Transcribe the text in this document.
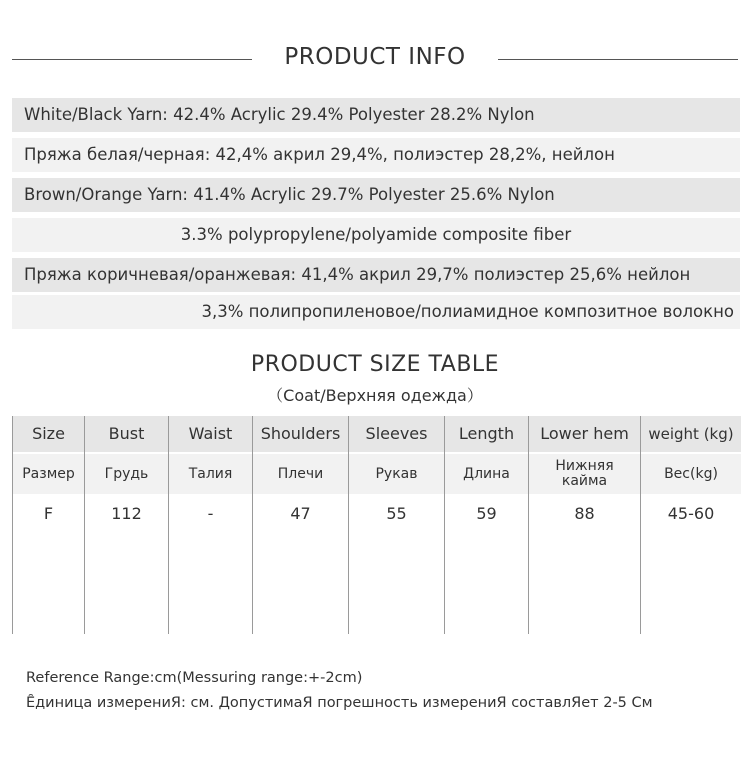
PRODUCT INFO
White/Black Yarn: 42.4% Acrylic 29.4% Polyester 28.2% Nylon
Пряжа белая/черная: 42,4% акрил 29,4%, полиэстер 28,2%, нейлон
Brown/Orange Yarn: 41.4% Acrylic 29.7% Polyester 25.6% Nylon
3.3% polypropylene/polyamide composite fiber
Пряжа коричневая/оранжевая: 41,4% акрил 29,7% полиэстер 25,6% нейлон
3,3% полипропиленовое/полиамидное композитное волокно
PRODUCT SIZE TABLE
（Coat/Верхняя одежда）
Size
Размер
F
Bust
Грудь
112
Waist
Талия
-
Shoulders
Плечи
47
Sleeves
Рукав
55
Length
Длина
59
Lower hem
Нижняя кайма
88
weight (kg)
Вес(kg)
45-60
Reference Range:cm(Messuring range:+-2cm)
Ȇдиница измерениЯ: см. ДопустимаЯ погрешность измерениЯ составлЯет 2-5 См
